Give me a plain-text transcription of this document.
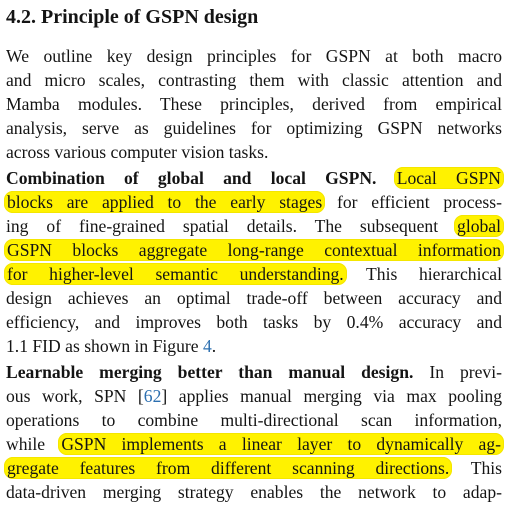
4.2. Principle of GSPN design
We outline key design principles for GSPN at both macro
and micro scales, contrasting them with classic attention and
Mamba modules. These principles, derived from empirical
analysis, serve as guidelines for optimizing GSPN networks
across various computer vision tasks.
Combination of global and local GSPN. Local GSPN
blocks are applied to the early stages for efficient process-
ing of fine-grained spatial details. The subsequent global
GSPN blocks aggregate long-range contextual information
for higher-level semantic understanding. This hierarchical
design achieves an optimal trade-off between accuracy and
efficiency, and improves both tasks by 0.4% accuracy and
1.1 FID as shown in Figure 4.
Learnable merging better than manual design. In previ-
ous work, SPN [62] applies manual merging via max pooling
operations to combine multi-directional scan information,
while GSPN implements a linear layer to dynamically ag-
gregate features from different scanning directions. This
data-driven merging strategy enables the network to adap-
